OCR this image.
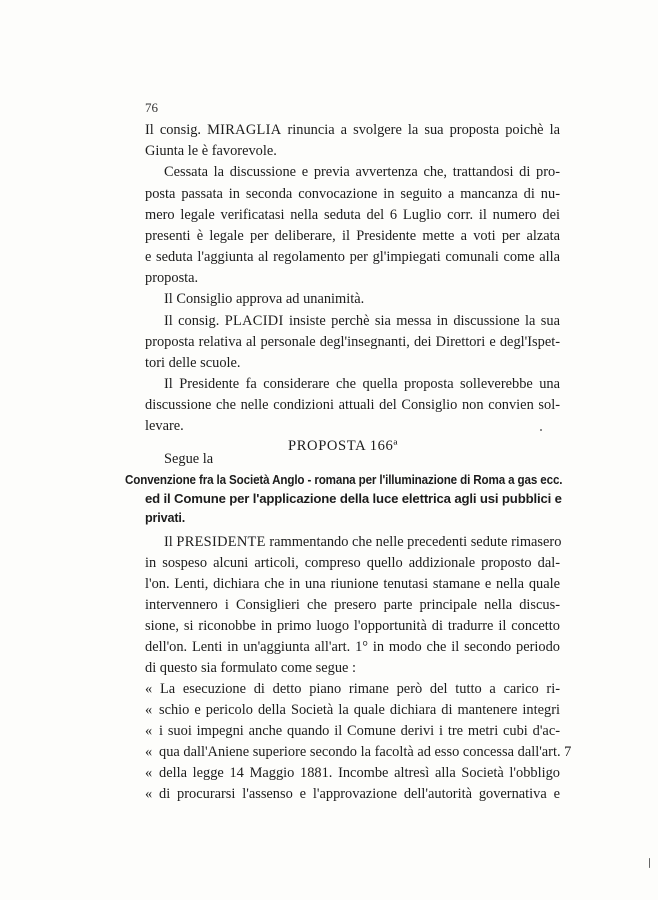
76
Il consig. MIRAGLIA rinuncia a svolgere la sua proposta poichè la
Giunta le è favorevole.
Cessata la discussione e previa avvertenza che, trattandosi di pro-
posta passata in seconda convocazione in seguito a mancanza di nu-
mero legale verificatasi nella seduta del 6 Luglio corr. il numero dei
presenti è legale per deliberare, il Presidente mette a voti per alzata
e seduta l'aggiunta al regolamento per gl'impiegati comunali come alla
proposta.
Il Consiglio approva ad unanimità.
Il consig. PLACIDI insiste perchè sia messa in discussione la sua
proposta relativa al personale degl'insegnanti, dei Direttori e degl'Ispet-
tori delle scuole.
Il Presidente fa considerare che quella proposta solleverebbe una
discussione che nelle condizioni attuali del Consiglio non convien sol-
levare.
Segue la
PROPOSTA 166ª
Convenzione fra la Società Anglo - romana per l'illuminazione di Roma a gas ecc.
ed il Comune per l'applicazione della luce elettrica agli usi pubblici e
privati.
Il PRESIDENTE rammentando che nelle precedenti sedute rimasero
in sospeso alcuni articoli, compreso quello addizionale proposto dal-
l'on. Lenti, dichiara che in una riunione tenutasi stamane e nella quale
intervennero i Consiglieri che presero parte principale nella discus-
sione, si riconobbe in primo luogo l'opportunità di tradurre il concetto
dell'on. Lenti in un'aggiunta all'art. 1° in modo che il secondo periodo
di questo sia formulato come segue :
« La esecuzione di detto piano rimane però del tutto a carico ri-
« schio e pericolo della Società la quale dichiara di mantenere integri
« i suoi impegni anche quando il Comune derivi i tre metri cubi d'ac-
« qua dall'Aniene superiore secondo la facoltà ad esso concessa dall'art. 7
« della legge 14 Maggio 1881. Incombe altresì alla Società l'obbligo
« di procurarsi l'assenso e l'approvazione dell'autorità governativa e
